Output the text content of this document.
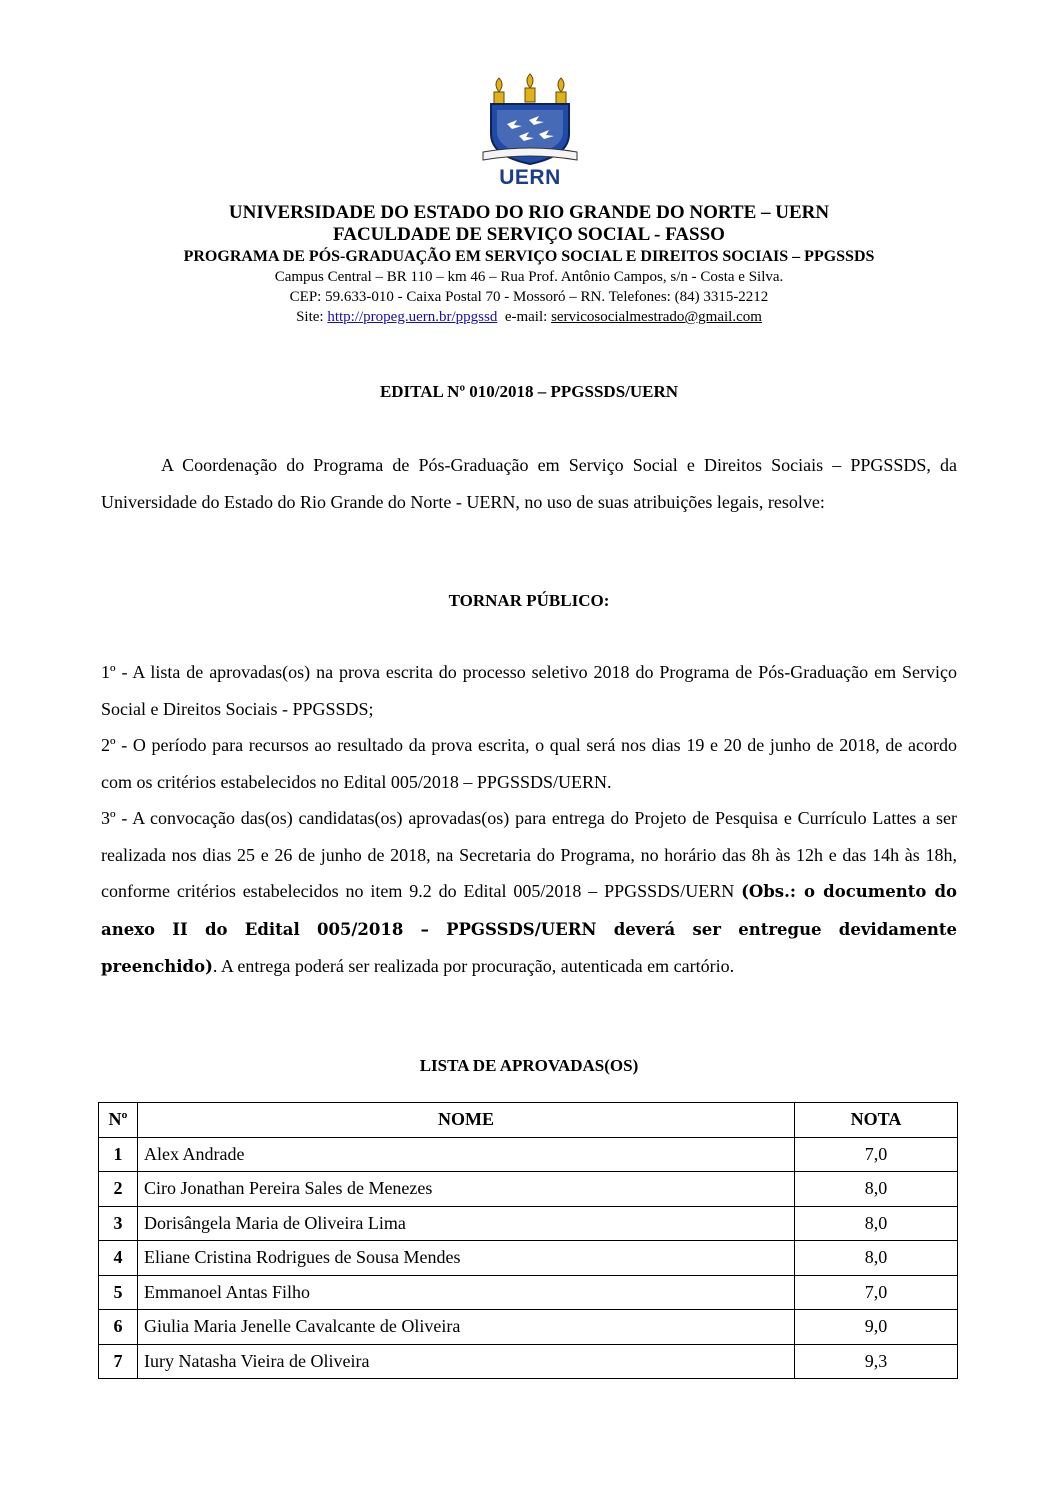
UERN
UNIVERSIDADE DO ESTADO DO RIO GRANDE DO NORTE – UERN
FACULDADE DE SERVIÇO SOCIAL - FASSO
PROGRAMA DE PÓS-GRADUAÇÃO EM SERVIÇO SOCIAL E DIREITOS SOCIAIS – PPGSSDS
Campus Central – BR 110 – km 46 – Rua Prof. Antônio Campos, s/n - Costa e Silva.
CEP: 59.633-010 - Caixa Postal 70 - Mossoró – RN. Telefones: (84) 3315-2212
Site: http://propeg.uern.br/ppgssd e-mail: servicosocialmestrado@gmail.com
EDITAL Nº 010/2018 – PPGSSDS/UERN
A Coordenação do Programa de Pós-Graduação em Serviço Social e Direitos Sociais – PPGSSDS, da Universidade do Estado do Rio Grande do Norte - UERN, no uso de suas atribuições legais, resolve:
TORNAR PÚBLICO:

1º - A lista de aprovadas(os) na prova escrita do processo seletivo 2018 do Programa de Pós-Graduação em Serviço Social e Direitos Sociais - PPGSSDS;

2º - O período para recursos ao resultado da prova escrita, o qual será nos dias 19 e 20 de junho de 2018, de acordo com os critérios estabelecidos no Edital 005/2018 – PPGSSDS/UERN.

3º - A convocação das(os) candidatas(os) aprovadas(os) para entrega do Projeto de Pesquisa e Currículo Lattes a ser realizada nos dias 25 e 26 de junho de 2018, na Secretaria do Programa, no horário das 8h às 12h e das 14h às 18h, conforme critérios estabelecidos no item 9.2 do Edital 005/2018 – PPGSSDS/UERN (Obs.: o documento do anexo II do Edital 005/2018 – PPGSSDS/UERN deverá ser entregue devidamente preenchido). A entrega poderá ser realizada por procuração, autenticada em cartório.

LISTA DE APROVADAS(OS)
Nº	NOME	NOTA
1	Alex Andrade	7,0
2	Ciro Jonathan Pereira Sales de Menezes	8,0
3	Dorisângela Maria de Oliveira Lima	8,0
4	Eliane Cristina Rodrigues de Sousa Mendes	8,0
5	Emmanoel Antas Filho	7,0
6	Giulia Maria Jenelle Cavalcante de Oliveira	9,0
7	Iury Natasha Vieira de Oliveira	9,3
